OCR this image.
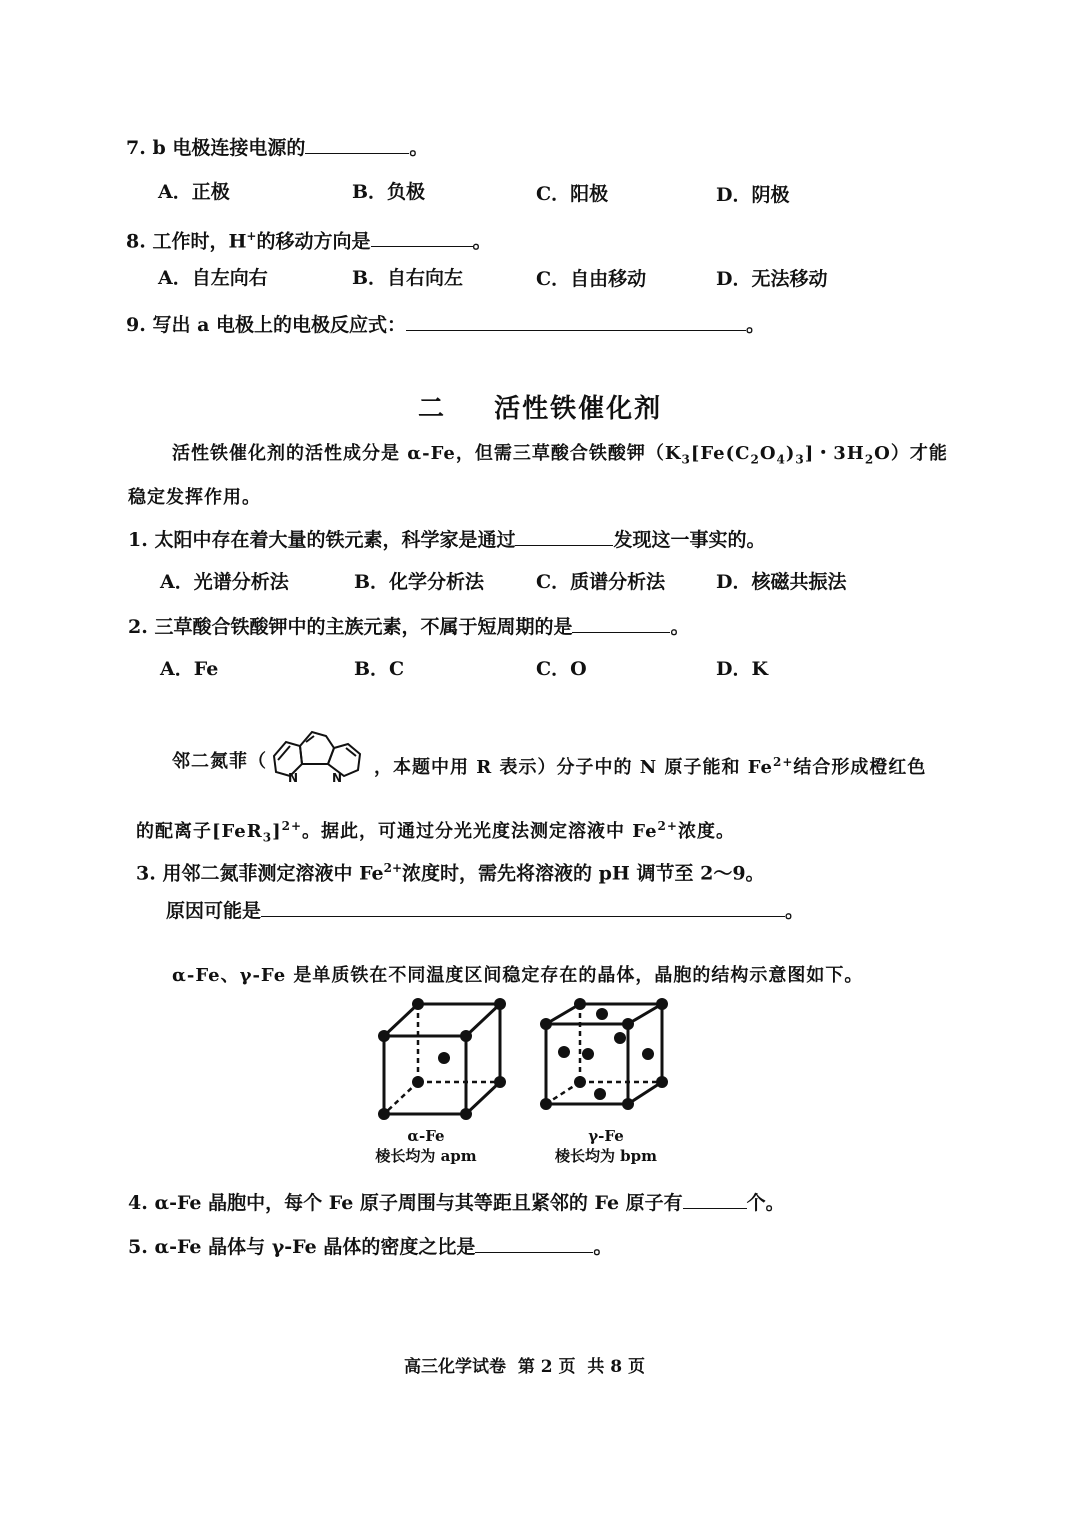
7. b 电极连接电源的	。
A．正极	B．负极	C．阳极	D．阴极
8. 工作时，H+的移动方向是	。
A．自左向右	B．自右向左	C．自由移动	D．无法移动
9. 写出 a 电极上的电极反应式：	。
二 活性铁催化剂
活性铁催化剂的活性成分是 α-Fe，但需三草酸合铁酸钾（$K_3[Fe(C_2O_4)_3]$・$3H_2O$）才能
稳定发挥作用。
1. 太阳中存在着大量的铁元素，科学家是通过	发现这一事实的。
A．光谱分析法	B．化学分析法	C．质谱分析法	D．核磁共振法
2. 三草酸合铁酸钾中的主族元素，不属于短周期的是	。
A．Fe	B．C	C．O	D．K
邻二氮菲（
N	N ，本题中用 R 表示）分子中的 N 原子能和 $Fe^{2+}$结合形成橙红色
的配离子$[FeR_3]^{2+}$。据此，可通过分光光度法测定溶液中 $Fe^{2+}$浓度。
3. 用邻二氮菲测定溶液中 $Fe^{2+}$浓度时，需先将溶液的 pH 调节至 2～9。
原因可能是	。
α-Fe、γ-Fe 是单质铁在不同温度区间稳定存在的晶体，晶胞的结构示意图如下。
α-Fe
棱长均为 apm
γ-Fe
棱长均为 bpm
4. α-Fe 晶胞中，每个 Fe 原子周围与其等距且紧邻的 Fe 原子有	个。
5. α-Fe 晶体与 γ-Fe 晶体的密度之比是	。
高三化学试卷  第 2 页  共 8 页
